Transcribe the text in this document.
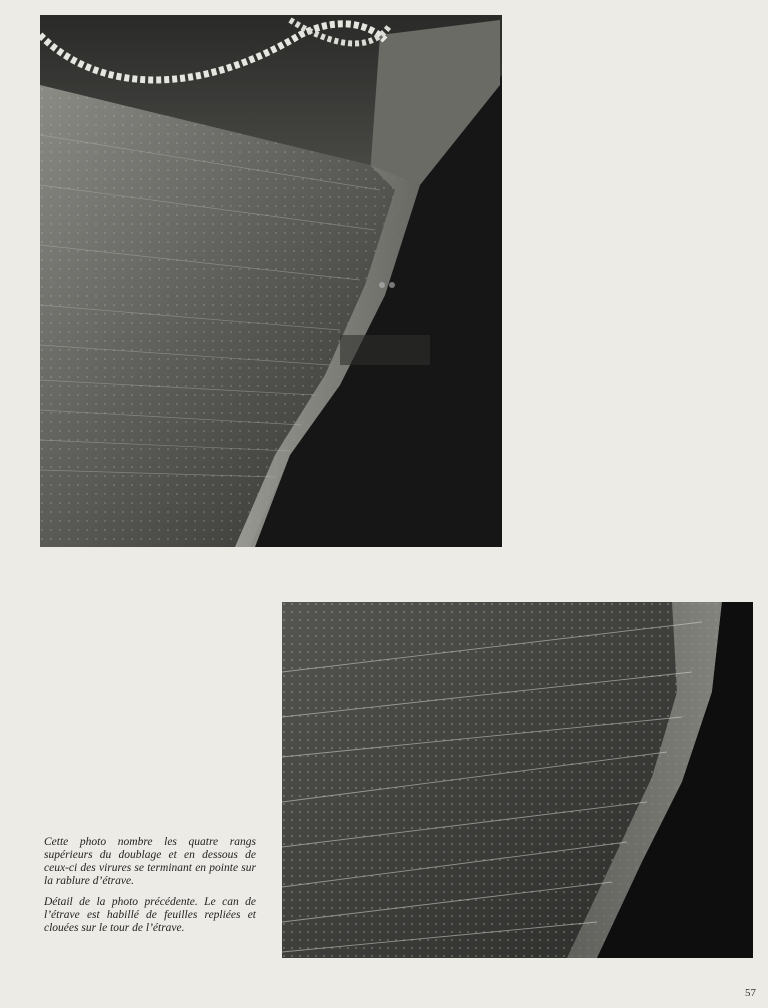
Cette photo nombre les quatre rangs supérieurs du doublage et en dessous de ceux-ci des virures se terminant en pointe sur la rablure d’étrave.

Détail de la photo précédente. Le can de l’étrave est habillé de feuilles repliées et clouées sur le tour de l’étrave.

57
